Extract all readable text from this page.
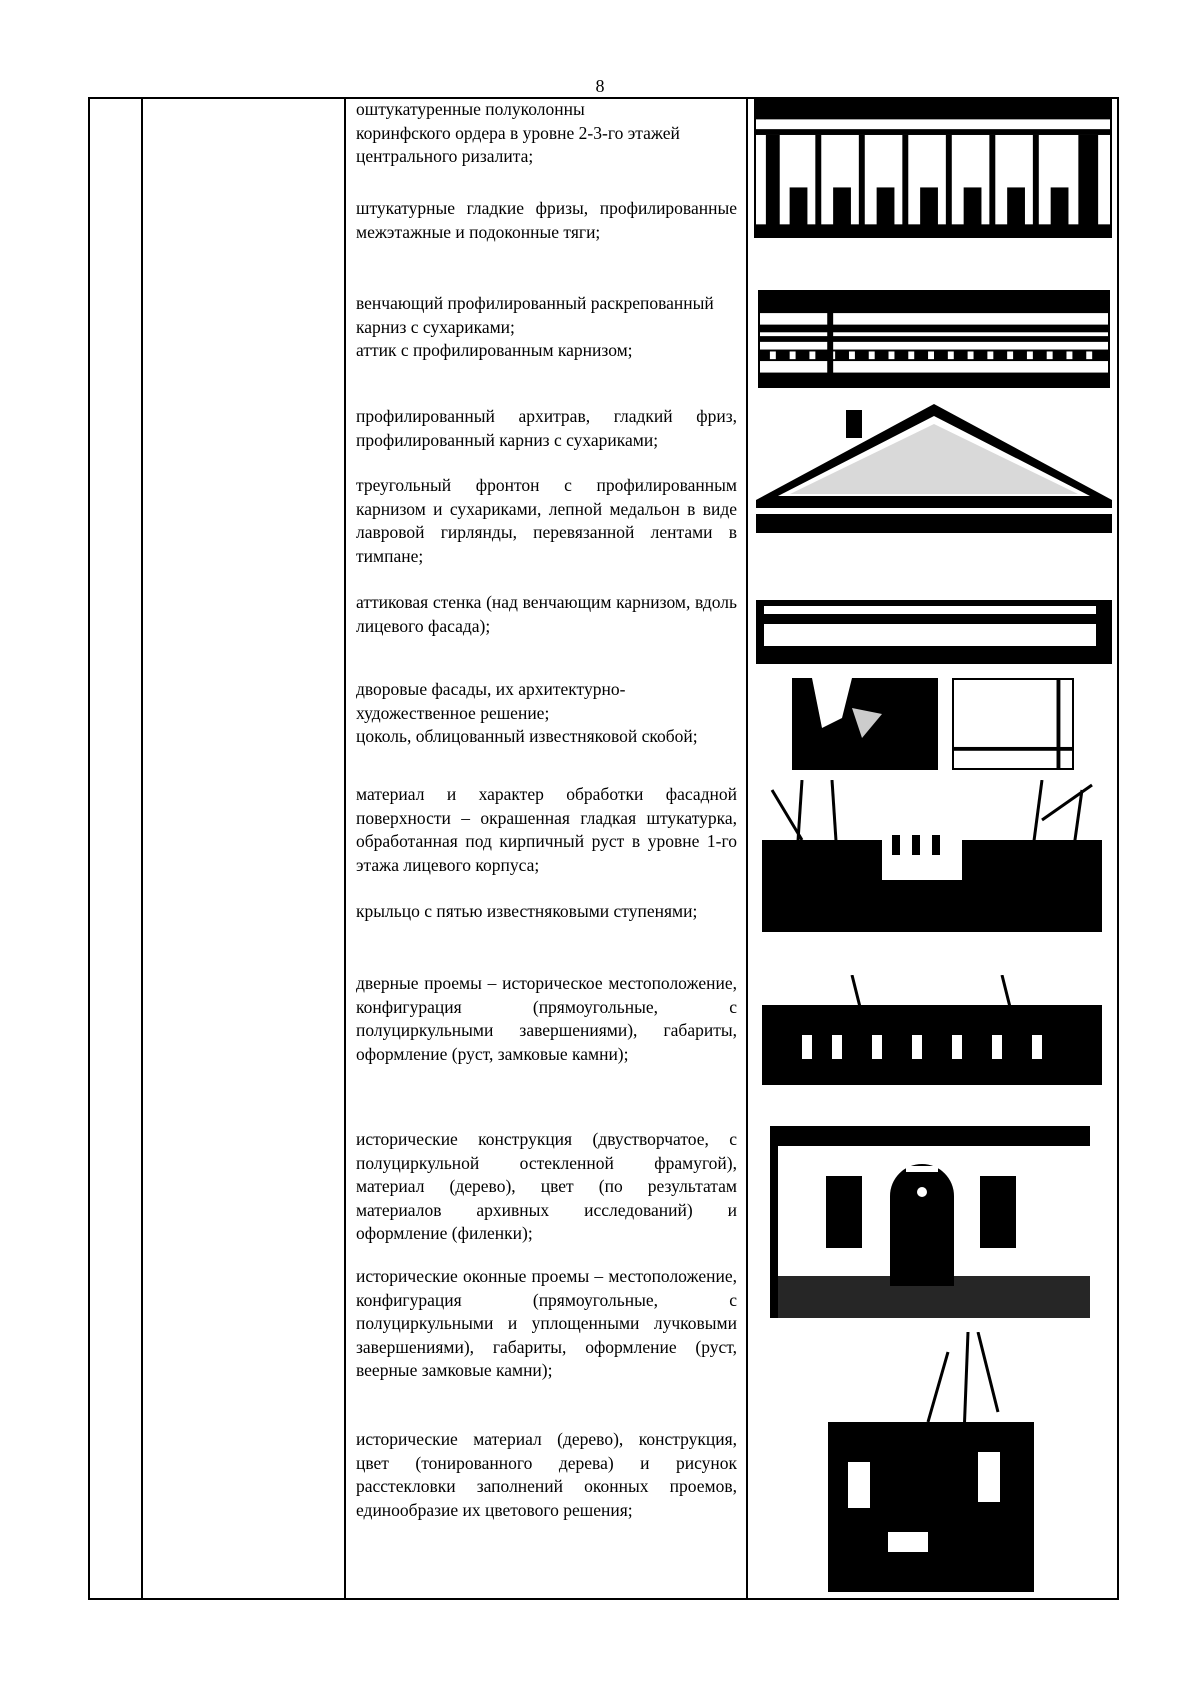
8
оштукатуренные полуколонны
коринфского ордера в уровне 2-3-го этажей
центрального ризалита;
штукатурные гладкие фризы, профилированные межэтажные и подоконные тяги;
венчающий профилированный раскрепованный карниз с сухариками;
аттик с профилированным карнизом;
профилированный архитрав, гладкий фриз, профилированный карниз с сухариками;
треугольный фронтон с профилированным карнизом и сухариками, лепной медальон в виде лавровой гирлянды, перевязанной лентами в тимпане;
аттиковая стенка (над венчающим карнизом, вдоль лицевого фасада);
дворовые фасады, их архитектурно-художественное решение;
цоколь, облицованный известняковой скобой;
материал и характер обработки фасадной поверхности – окрашенная гладкая штукатурка, обработанная под кирпичный руст в уровне 1-го этажа лицевого корпуса;
крыльцо с пятью известняковыми ступенями;
дверные проемы – историческое местоположение, конфигурация (прямоугольные, с полуциркульными завершениями), габариты, оформление (руст, замковые камни);
исторические конструкция (двустворчатое, с полуциркульной остекленной фрамугой), материал (дерево), цвет (по результатам материалов архивных исследований) и оформление (филенки);
исторические оконные проемы – местоположение, конфигурация (прямоугольные, с полуциркульными и уплощенными лучковыми завершениями), габариты, оформление (руст, веерные замковые камни);
исторические материал (дерево), конструкция, цвет (тонированного дерева) и рисунок расстекловки заполнений оконных проемов, единообразие их цветового решения;
